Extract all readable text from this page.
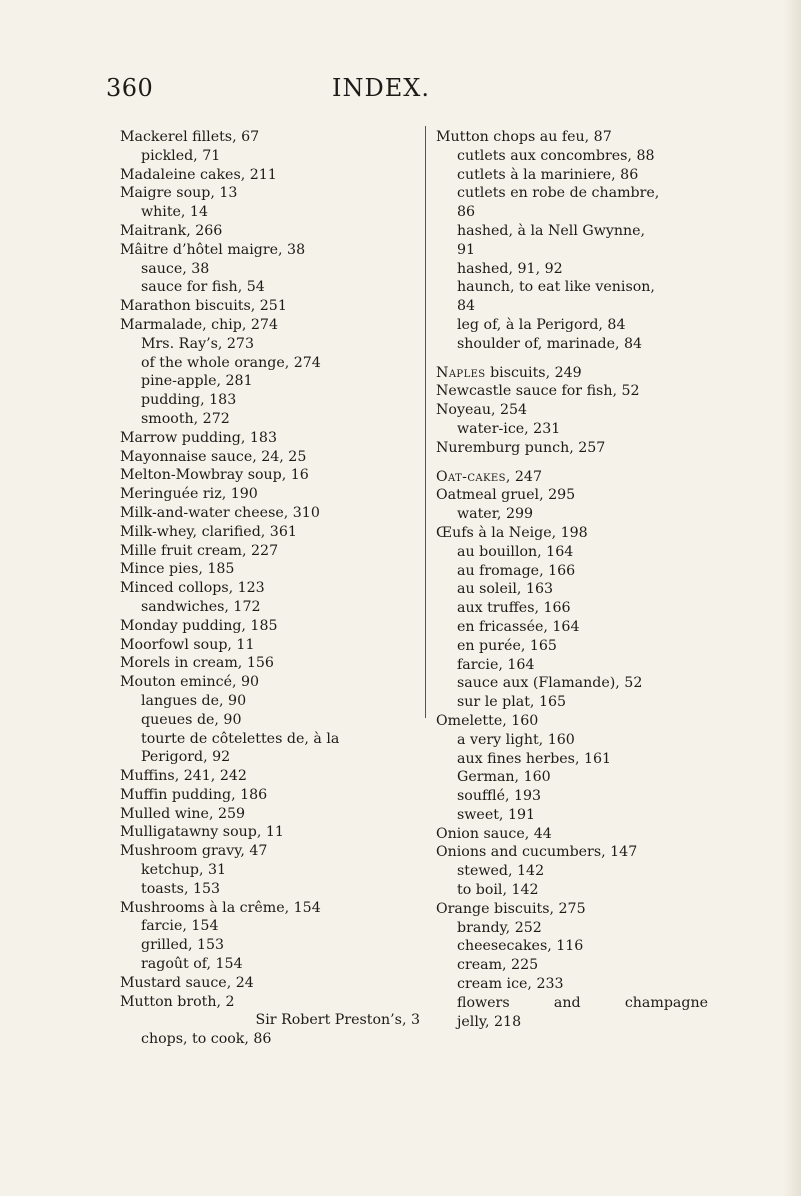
360	INDEX.
Mackerel fillets, 67
pickled, 71
Madaleine cakes, 211
Maigre soup, 13
white, 14
Maitrank, 266
Mâitre d’hôtel maigre, 38
sauce, 38
sauce for fish, 54
Marathon biscuits, 251
Marmalade, chip, 274
Mrs. Ray’s, 273
of the whole orange, 274
pine-apple, 281
pudding, 183
smooth, 272
Marrow pudding, 183
Mayonnaise sauce, 24, 25
Melton-Mowbray soup, 16
Meringuée riz, 190
Milk-and-water cheese, 310
Milk-whey, clarified, 361
Mille fruit cream, 227
Mince pies, 185
Minced collops, 123
sandwiches, 172
Monday pudding, 185
Moorfowl soup, 11
Morels in cream, 156
Mouton emincé, 90
langues de, 90
queues de, 90
tourte de côtelettes de, à la
Perigord, 92
Muffins, 241, 242
Muffin pudding, 186
Mulled wine, 259
Mulligatawny soup, 11
Mushroom gravy, 47
ketchup, 31
toasts, 153
Mushrooms à la crême, 154
farcie, 154
grilled, 153
ragoût of, 154
Mustard sauce, 24
Mutton broth, 2
Sir Robert Preston’s, 3
chops, to cook, 86
Mutton chops au feu, 87
cutlets aux concombres, 88
cutlets à la mariniere, 86
cutlets en robe de chambre,
86
hashed, à la Nell Gwynne,
91
hashed, 91, 92
haunch, to eat like venison,
84
leg of, à la Perigord, 84
shoulder of, marinade, 84
Naples biscuits, 249
Newcastle sauce for fish, 52
Noyeau, 254
water-ice, 231
Nuremburg punch, 257
Oat-cakes, 247
Oatmeal gruel, 295
water, 299
Œufs à la Neige, 198
au bouillon, 164
au fromage, 166
au soleil, 163
aux truffes, 166
en fricassée, 164
en purée, 165
farcie, 164
sauce aux (Flamande), 52
sur le plat, 165
Omelette, 160
a very light, 160
aux fines herbes, 161
German, 160
soufflé, 193
sweet, 191
Onion sauce, 44
Onions and cucumbers, 147
stewed, 142
to boil, 142
Orange biscuits, 275
brandy, 252
cheesecakes, 116
cream, 225
cream ice, 233
flowers and champagne
jelly, 218
